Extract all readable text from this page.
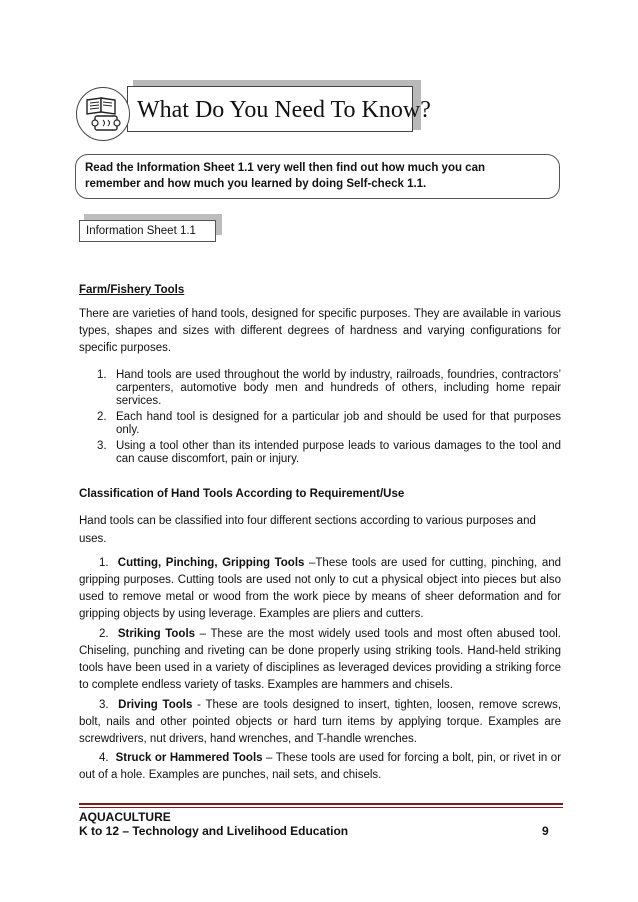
What Do You Need To Know?
Read the Information Sheet 1.1 very well then find out how much you can
remember and how much you learned by doing Self-check 1.1.
Information Sheet 1.1
Farm/Fishery Tools
There are varieties of hand tools, designed for specific purposes. They are available in various types, shapes and sizes with different degrees of hardness and varying configurations for specific purposes.
1. Hand tools are used throughout the world by industry, railroads, foundries, contractors’ carpenters, automotive body men and hundreds of others, including home repair services.
2. Each hand tool is designed for a particular job and should be used for that purposes only.
3. Using a tool other than its intended purpose leads to various damages to the tool and can cause discomfort, pain or injury.
Classification of Hand Tools According to Requirement/Use
Hand tools can be classified into four different sections according to various purposes and uses.
1. Cutting, Pinching, Gripping Tools –These tools are used for cutting, pinching, and gripping purposes. Cutting tools are used not only to cut a physical object into pieces but also used to remove metal or wood from the work piece by means of sheer deformation and for gripping objects by using leverage. Examples are pliers and cutters.
2. Striking Tools – These are the most widely used tools and most often abused tool. Chiseling, punching and riveting can be done properly using striking tools. Hand-held striking tools have been used in a variety of disciplines as leveraged devices providing a striking force to complete endless variety of tasks. Examples are hammers and chisels.
3. Driving Tools - These are tools designed to insert, tighten, loosen, remove screws, bolt, nails and other pointed objects or hard turn items by applying torque. Examples are screwdrivers, nut drivers, hand wrenches, and T-handle wrenches.
4. Struck or Hammered Tools – These tools are used for forcing a bolt, pin, or rivet in or out of a hole. Examples are punches, nail sets, and chisels.
AQUACULTURE
K to 12 – Technology and Livelihood Education	9
